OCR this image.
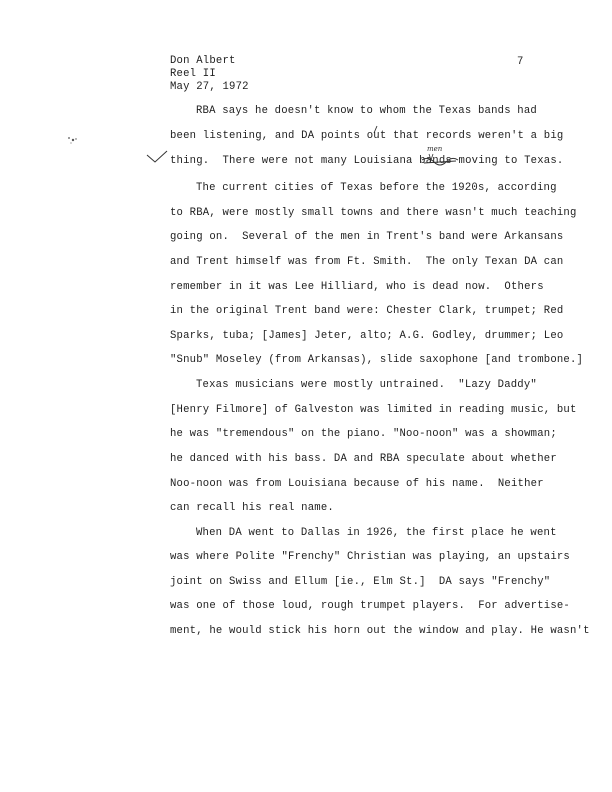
Don Albert
Reel II
May 27, 1972
7
RBA says he doesn't know to whom the Texas bands had
been listening, and DA points out that records weren't a big
thing.  There were not many Louisiana bands moving to Texas.
The current cities of Texas before the 1920s, according
to RBA, were mostly small towns and there wasn't much teaching
going on.  Several of the men in Trent's band were Arkansans
and Trent himself was from Ft. Smith.  The only Texan DA can
remember in it was Lee Hilliard, who is dead now.  Others
in the original Trent band were: Chester Clark, trumpet; Red
Sparks, tuba; [James] Jeter, alto; A.G. Godley, drummer; Leo
"Snub" Moseley (from Arkansas), slide saxophone [and trombone.]
Texas musicians were mostly untrained.  "Lazy Daddy"
[Henry Filmore] of Galveston was limited in reading music, but
he was "tremendous" on the piano. "Noo-noon" was a showman;
he danced with his bass. DA and RBA speculate about whether
Noo-noon was from Louisiana because of his name.  Neither
can recall his real name.
When DA went to Dallas in 1926, the first place he went
was where Polite "Frenchy" Christian was playing, an upstairs
joint on Swiss and Ellum [ie., Elm St.]  DA says "Frenchy"
was one of those loud, rough trumpet players.  For advertise-
ment, he would stick his horn out the window and play. He wasn't
men
